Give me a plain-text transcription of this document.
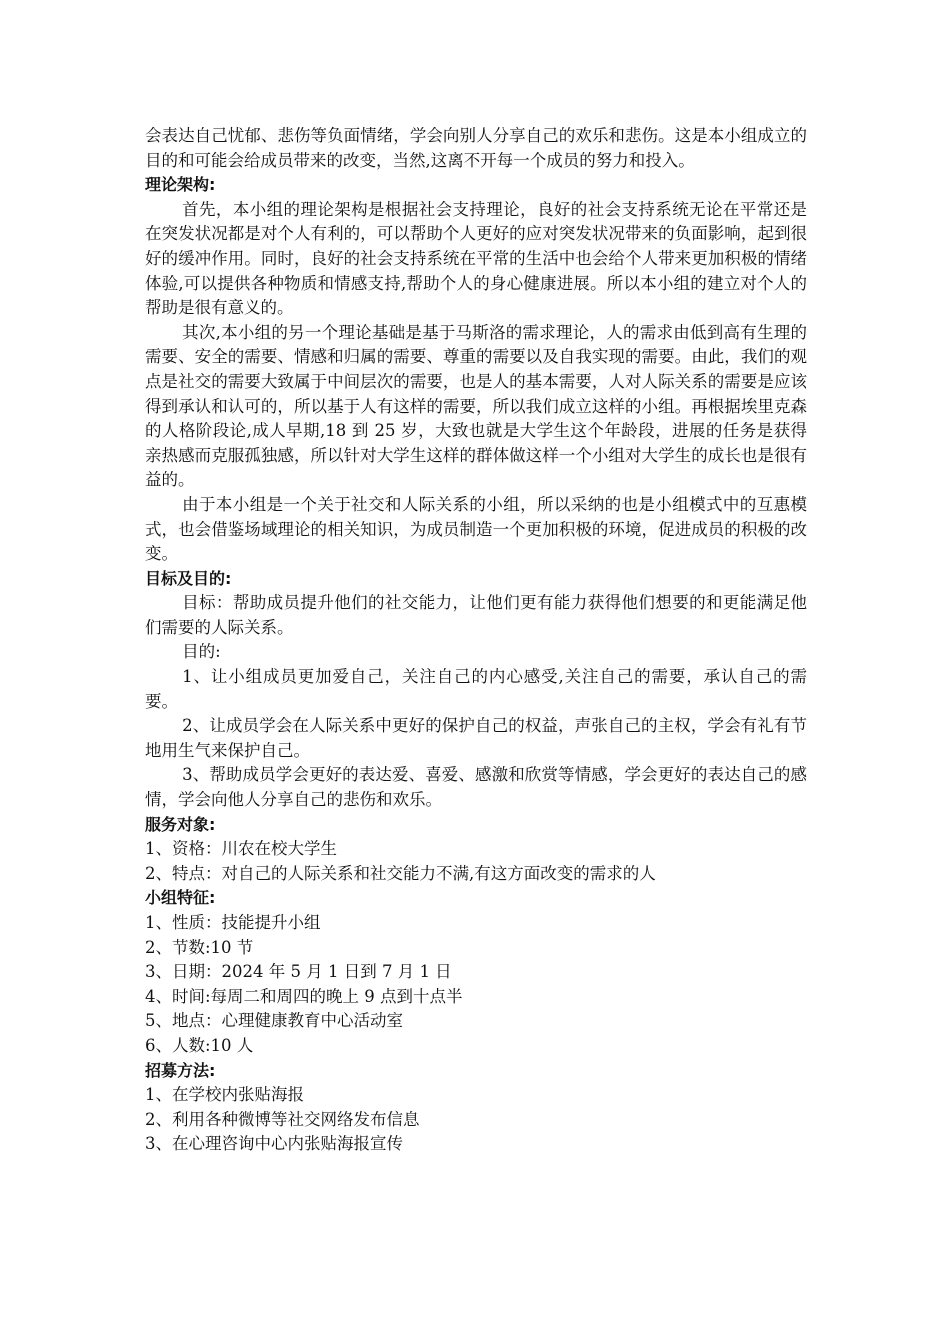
会表达自己忧郁、悲伤等负面情绪，学会向别人分享自己的欢乐和悲伤。这是本小组成立的目的和可能会给成员带来的改变，当然,这离不开每一个成员的努力和投入。

理论架构:

首先，本小组的理论架构是根据社会支持理论，良好的社会支持系统无论在平常还是在突发状况都是对个人有利的，可以帮助个人更好的应对突发状况带来的负面影响，起到很好的缓冲作用。同时，良好的社会支持系统在平常的生活中也会给个人带来更加积极的情绪体验,可以提供各种物质和情感支持,帮助个人的身心健康进展。所以本小组的建立对个人的帮助是很有意义的。

其次,本小组的另一个理论基础是基于马斯洛的需求理论，人的需求由低到高有生理的需要、安全的需要、情感和归属的需要、尊重的需要以及自我实现的需要。由此，我们的观点是社交的需要大致属于中间层次的需要，也是人的基本需要，人对人际关系的需要是应该得到承认和认可的，所以基于人有这样的需要，所以我们成立这样的小组。再根据埃里克森的人格阶段论,成人早期,18 到 25 岁，大致也就是大学生这个年龄段，进展的任务是获得亲热感而克服孤独感，所以针对大学生这样的群体做这样一个小组对大学生的成长也是很有益的。

由于本小组是一个关于社交和人际关系的小组，所以采纳的也是小组模式中的互惠模式，也会借鉴场域理论的相关知识，为成员制造一个更加积极的环境，促进成员的积极的改变。

目标及目的:

目标：帮助成员提升他们的社交能力，让他们更有能力获得他们想要的和更能满足他们需要的人际关系。

目的:

1、让小组成员更加爱自己，关注自己的内心感受,关注自己的需要，承认自己的需要。

2、让成员学会在人际关系中更好的保护自己的权益，声张自己的主权，学会有礼有节地用生气来保护自己。

3、帮助成员学会更好的表达爱、喜爱、感激和欣赏等情感，学会更好的表达自己的感情，学会向他人分享自己的悲伤和欢乐。

服务对象:

1、资格：川农在校大学生

2、特点：对自己的人际关系和社交能力不满,有这方面改变的需求的人

小组特征:

1、性质：技能提升小组

2、节数:10 节

3、日期：2024 年 5 月 1 日到 7 月 1 日

4、时间:每周二和周四的晚上 9 点到十点半

5、地点：心理健康教育中心活动室

6、人数:10 人

招募方法:

1、在学校内张贴海报

2、利用各种微博等社交网络发布信息

3、在心理咨询中心内张贴海报宣传
